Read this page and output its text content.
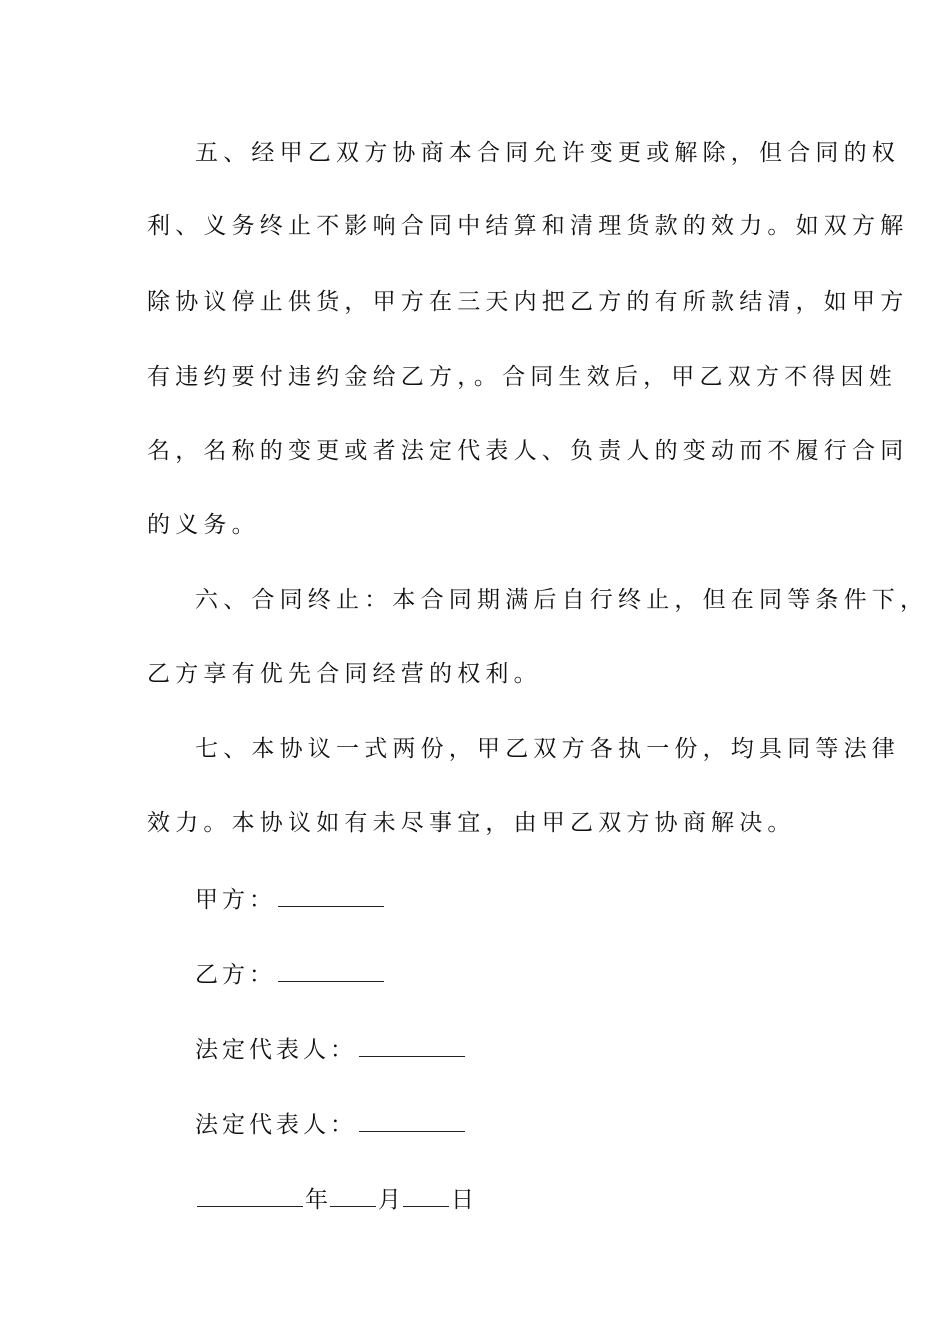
五、经甲乙双方协商本合同允许变更或解除，但合同的权
利、义务终止不影响合同中结算和清理货款的效力。如双方解
除协议停止供货，甲方在三天内把乙方的有所款结清，如甲方
有违约要付违约金给乙方，。合同生效后，甲乙双方不得因姓
名，名称的变更或者法定代表人、负责人的变动而不履行合同
的义务。
六、合同终止：本合同期满后自行终止，但在同等条件下，
乙方享有优先合同经营的权利。
七、本协议一式两份，甲乙双方各执一份，均具同等法律
效力。本协议如有未尽事宜，由甲乙双方协商解决。
甲方：
乙方：
法定代表人：
法定代表人：
年 月 日
